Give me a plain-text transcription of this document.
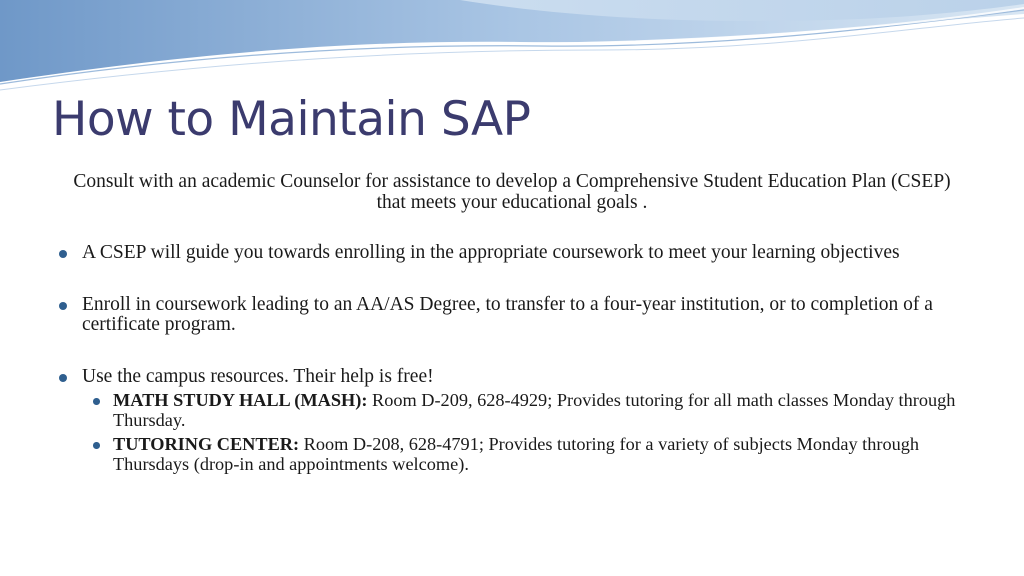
How to Maintain SAP

Consult with an academic Counselor for assistance to develop a Comprehensive Student Education Plan (CSEP) that meets your educational goals .

A CSEP will guide you towards enrolling in the appropriate coursework to meet your learning objectives
Enroll in coursework leading to an AA/AS Degree, to transfer to a four-year institution, or to completion of a certificate program.
Use the campus resources. Their help is free!
MATH STUDY HALL (MASH): Room D-209, 628-4929; Provides tutoring for all math classes Monday through Thursday.
TUTORING CENTER: Room D-208, 628-4791; Provides tutoring for a variety of subjects Monday through Thursdays (drop-in and appointments welcome).
